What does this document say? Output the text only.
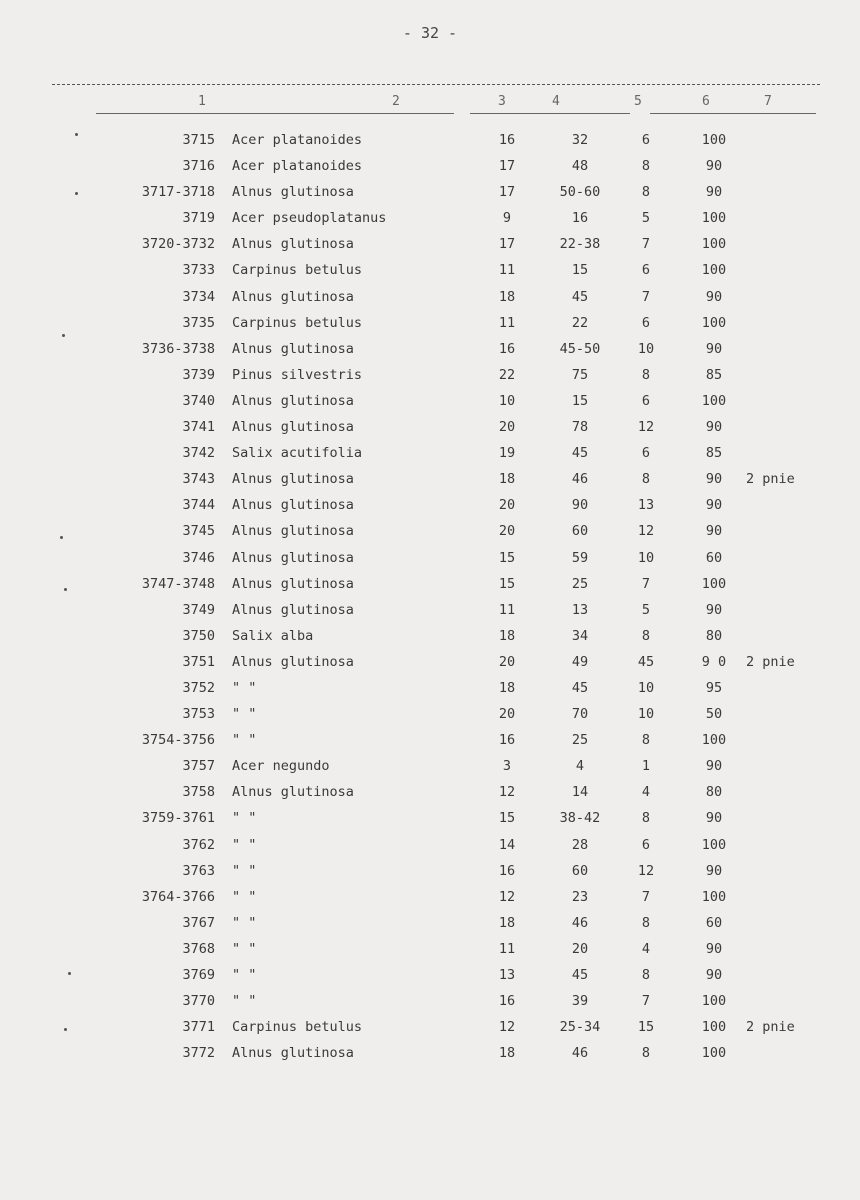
- 32 -
1	2	3	4	5	6	7
3715 Acer platanoides	16	32	6	100
3716 Acer platanoides	17	48	8	90
3717-3718 Alnus glutinosa	17	50-60	8	90
3719 Acer pseudoplatanus	9	16	5	100
3720-3732 Alnus glutinosa	17	22-38	7	100
3733 Carpinus betulus	11	15	6	100
3734 Alnus glutinosa	18	45	7	90
3735 Carpinus betulus	11	22	6	100
3736-3738 Alnus glutinosa	16	45-50	10	90
3739 Pinus silvestris	22	75	8	85
3740 Alnus glutinosa	10	15	6	100
3741 Alnus glutinosa	20	78	12	90
3742 Salix acutifolia	19	45	6	85
3743 Alnus glutinosa	18	46	8	90	2 pnie
3744 Alnus glutinosa	20	90	13	90
3745 Alnus glutinosa	20	60	12	90
3746 Alnus glutinosa	15	59	10	60
3747-3748 Alnus glutinosa	15	25	7	100
3749 Alnus glutinosa	11	13	5	90
3750 Salix alba	18	34	8	80
3751 Alnus glutinosa	20	49	45	9 0	2 pnie
3752 " "	18	45	10	95
3753 " "	20	70	10	50
3754-3756 " "	16	25	8	100
3757 Acer negundo	3	4	1	90
3758 Alnus glutinosa	12	14	4	80
3759-3761 " "	15	38-42	8	90
3762 " "	14	28	6	100
3763 " "	16	60	12	90
3764-3766 " "	12	23	7	100
3767 " "	18	46	8	60
3768 " "	11	20	4	90
3769 " "	13	45	8	90
3770 " "	16	39	7	100
3771 Carpinus betulus	12	25-34	15	100	2 pnie
3772 Alnus glutinosa	18	46	8	100
